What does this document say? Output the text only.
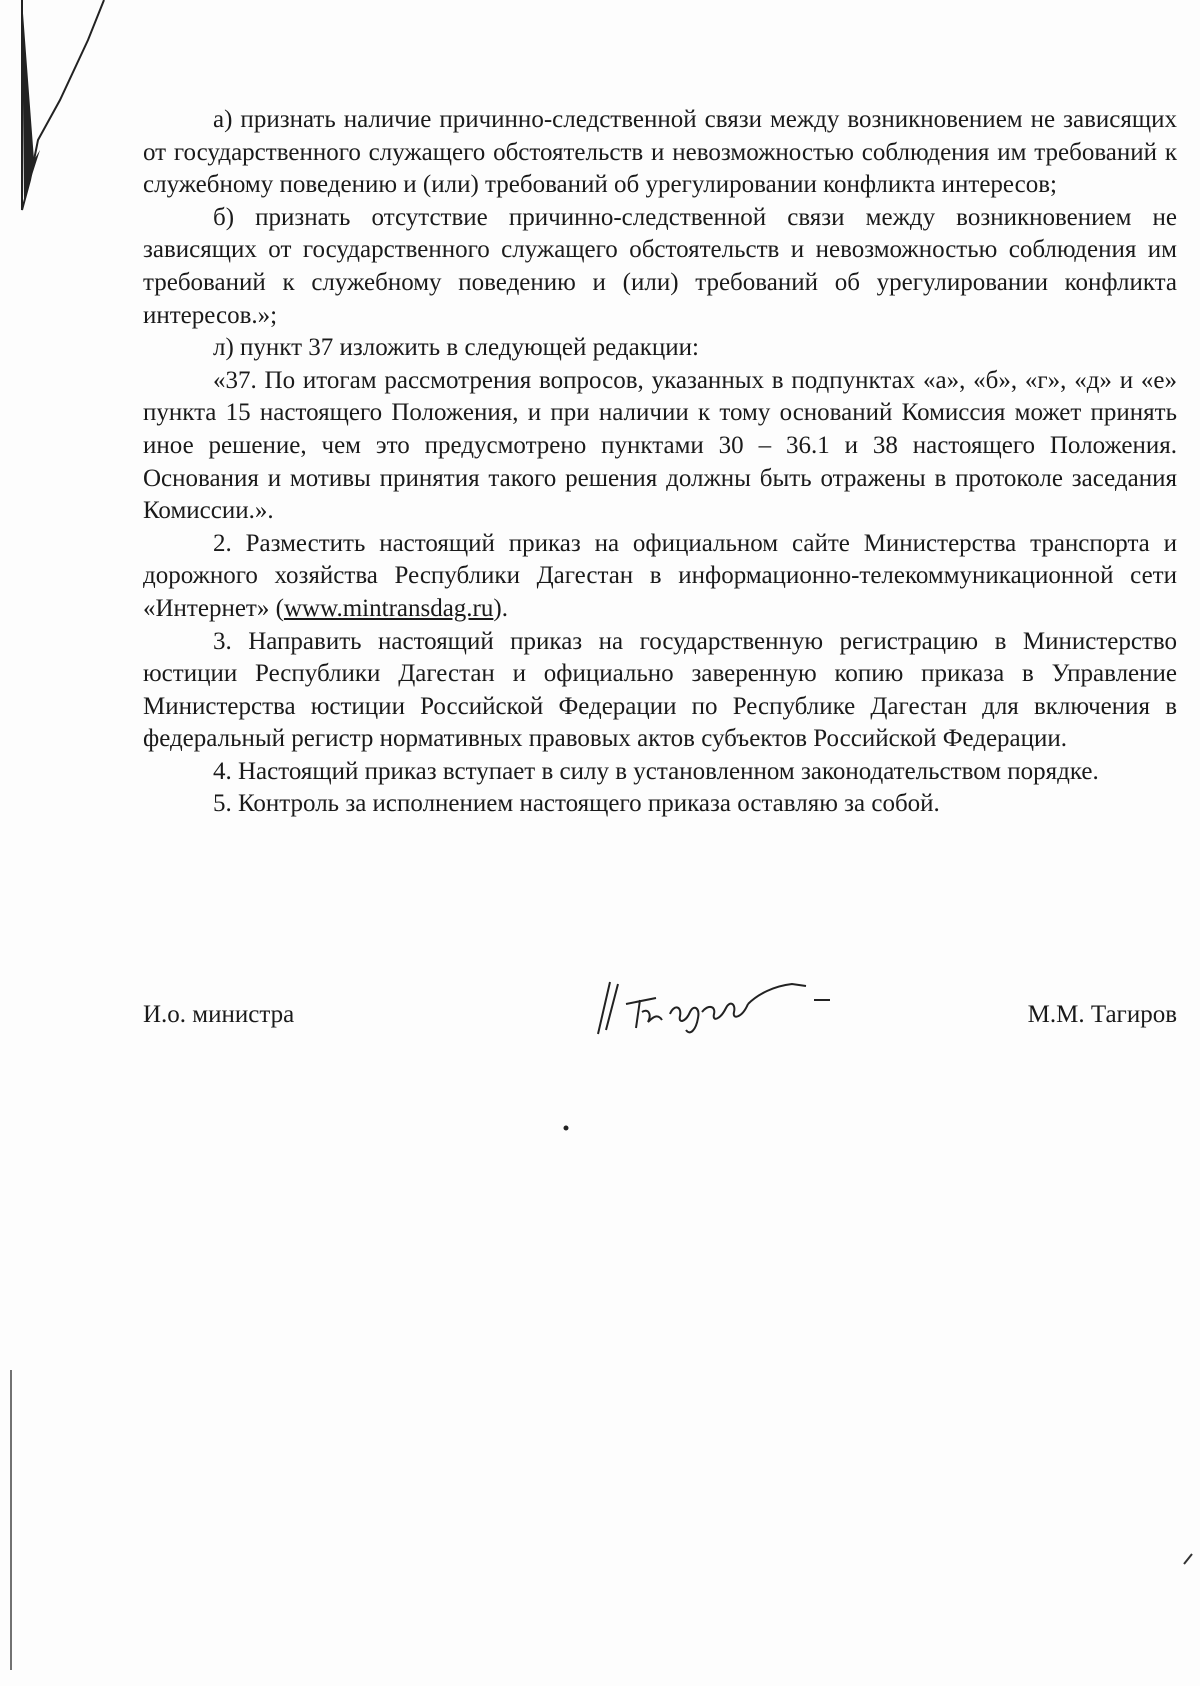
а) признать наличие причинно-следственной связи между возникновением не зависящих от государственного служащего обстоятельств и невозможностью соблюдения им требований к служебному поведению и (или) требований об урегулировании конфликта интересов;

б) признать отсутствие причинно-следственной связи между возникновением не зависящих от государственного служащего обстоятельств и невозможностью соблюдения им требований к служебному поведению и (или) требований об урегулировании конфликта интересов.»;

л) пункт 37 изложить в следующей редакции:

«37. По итогам рассмотрения вопросов, указанных в подпунктах «а», «б», «г», «д» и «е» пункта 15 настоящего Положения, и при наличии к тому оснований Комиссия может принять иное решение, чем это предусмотрено пунктами 30 – 36.1 и 38 настоящего Положения. Основания и мотивы принятия такого решения должны быть отражены в протоколе заседания Комиссии.».

2. Разместить настоящий приказ на официальном сайте Министерства транспорта и дорожного хозяйства Республики Дагестан в информационно-телекоммуникационной сети «Интернет» (www.mintransdag.ru).

3. Направить настоящий приказ на государственную регистрацию в Министерство юстиции Республики Дагестан и официально заверенную копию приказа в Управление Министерства юстиции Российской Федерации по Республике Дагестан для включения в федеральный регистр нормативных правовых актов субъектов Российской Федерации.

4. Настоящий приказ вступает в силу в установленном законодательством порядке.

5. Контроль за исполнением настоящего приказа оставляю за собой.

И.о. министра	М.М. Тагиров
